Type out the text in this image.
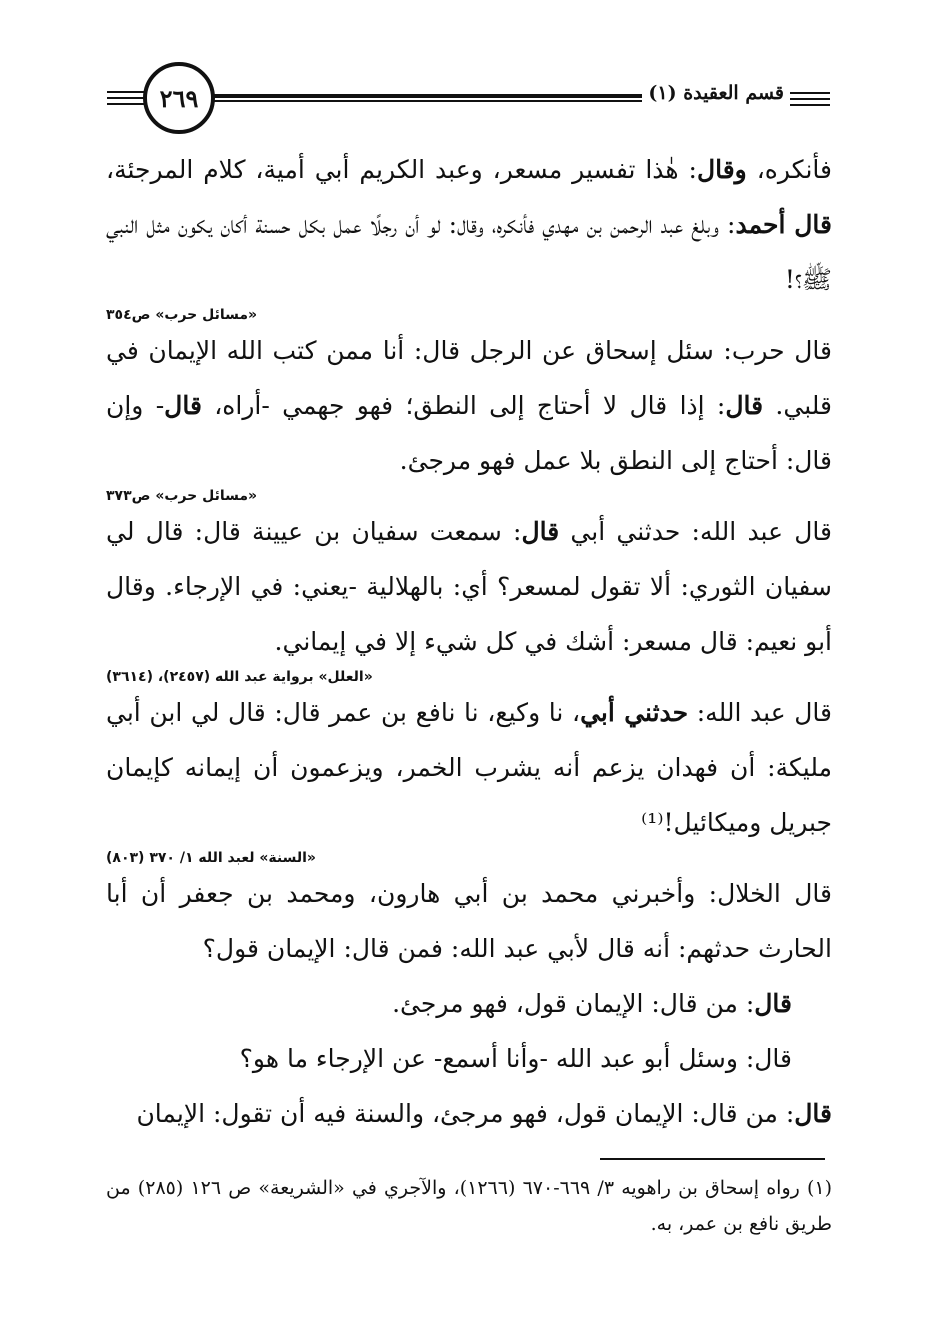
٢٦٩	قسم العقيدة (١)

فأنكره، وقال: هٰذا تفسير مسعر، وعبد الكريم أبي أمية، كلام المرجئة، قال أحمد: وبلغ عبد الرحمن بن مهدي فأنكره، وقال: لو أن رجلًا عمل بكل حسنة أكان يكون مثل النبي ﷺ؟!

«مسائل حرب» ص٣٥٤

قال حرب: سئل إسحاق عن الرجل قال: أنا ممن كتب الله الإيمان في قلبي. قال: إذا قال لا أحتاج إلى النطق؛ فهو جهمي -أراه، قال- وإن قال: أحتاج إلى النطق بلا عمل فهو مرجئ.

«مسائل حرب» ص٣٧٣

قال عبد الله: حدثني أبي قال: سمعت سفيان بن عيينة قال: قال لي سفيان الثوري: ألا تقول لمسعر؟ أي: بالهلالية -يعني: في الإرجاء. وقال أبو نعيم: قال مسعر: أشك في كل شيء إلا في إيماني.

«العلل» برواية عبد الله (٢٤٥٧)، (٣٦١٤)

قال عبد الله: حدثني أبي، نا وكيع، نا نافع بن عمر قال: قال لي ابن أبي مليكة: أن فهدان يزعم أنه يشرب الخمر، ويزعمون أن إيمانه كإيمان جبريل وميكائيل!⁽¹⁾

«السنة» لعبد الله ١/ ٣٧٠ (٨٠٣)

قال الخلال: وأخبرني محمد بن أبي هارون، ومحمد بن جعفر أن أبا الحارث حدثهم: أنه قال لأبي عبد الله: فمن قال: الإيمان قول؟

قال: من قال: الإيمان قول، فهو مرجئ.

قال: وسئل أبو عبد الله -وأنا أسمع- عن الإرجاء ما هو؟

قال: من قال: الإيمان قول، فهو مرجئ، والسنة فيه أن تقول: الإيمان

(١) رواه إسحاق بن راهويه ٣/ ٦٦٩-٦٧٠ (١٢٦٦)، والآجري في «الشريعة» ص ١٢٦ (٢٨٥) من طريق نافع بن عمر، به.
